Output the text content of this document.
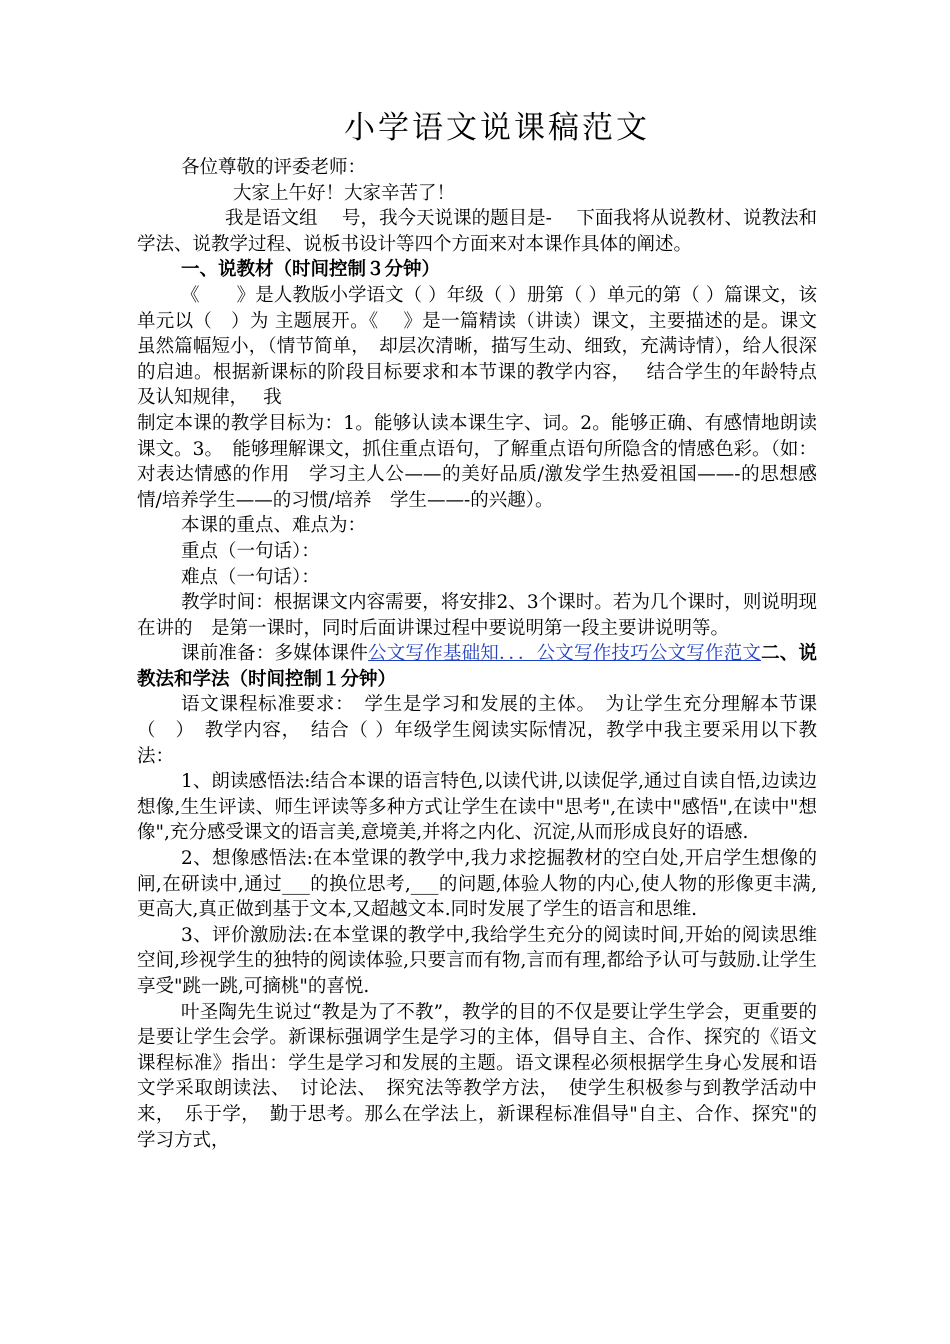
小学语文说课稿范文

各位尊敬的评委老师：

大家上午好！大家辛苦了！

我是语文组　 号，我今天说课的题目是-　 下面我将从说教材、说教法和学法、说教学过程、说板书设计等四个方面来对本课作具体的阐述。

一、说教材（时间控制３分钟）

《　　》是人教版小学语文（ ）年级（ ）册第（ ）单元的第（ ）篇课文，该单元以（　）为 主题展开。《　 》是一篇精读（讲读）课文，主要描述的是。课文虽然篇幅短小，（情节简单，　却层次清晰，描写生动、细致，充满诗情），给人很深的启迪。根据新课标的阶段目标要求和本节课的教学内容，　 结合学生的年龄特点及认知规律，　 我

制定本课的教学目标为：1。能够认读本课生字、词。2。能够正确、有感情地朗读课文。3。　能够理解课文，抓住重点语句，了解重点语句所隐含的情感色彩。（如：对表达情感的作用　学习主人公——的美好品质/激发学生热爱祖国——-的思想感情/培养学生——的习惯/培养　学生——-的兴趣）。

本课的重点、难点为：

重点（一句话）：

难点（一句话）：

教学时间：根据课文内容需要，将安排2、3个课时。若为几个课时，则说明现在讲的　是第一课时，同时后面讲课过程中要说明第一段主要讲说明等。

课前准备：多媒体课件公文写作基础知．．．公文写作技巧公文写作范文二、说教法和学法（时间控制１分钟）

语文课程标准要求：　学生是学习和发展的主体。　为让学生充分理解本节课　（　）　教学内容，　结合（ ）年级学生阅读实际情况，教学中我主要采用以下教法：

1、朗读感悟法:结合本课的语言特色,以读代讲,以读促学,通过自读自悟,边读边想像,生生评读、师生评读等多种方式让学生在读中"思考",在读中"感悟",在读中"想像",充分感受课文的语言美,意境美,并将之内化、沉淀,从而形成良好的语感.

2、想像感悟法:在本堂课的教学中,我力求挖掘教材的空白处,开启学生想像的闸,在研读中,通过___的换位思考,___的问题,体验人物的内心,使人物的形像更丰满,更高大,真正做到基于文本,又超越文本.同时发展了学生的语言和思维.

3、评价激励法:在本堂课的教学中,我给学生充分的阅读时间,开始的阅读思维空间,珍视学生的独特的阅读体验,只要言而有物,言而有理,都给予认可与鼓励.让学生享受"跳一跳,可摘桃"的喜悦.

叶圣陶先生说过“教是为了不教”，教学的目的不仅是要让学生学会，更重要的是要让学生会学。新课标强调学生是学习的主体，倡导自主、合作、探究的《语文课程标准》指出：学生是学习和发展的主题。语文课程必须根据学生身心发展和语文学采取朗读法、　讨论法、　探究法等教学方法，　使学生积极参与到教学活动中来，　乐于学，　勤于思考。那么在学法上，新课程标准倡导"自主、合作、探究"的学习方式，
